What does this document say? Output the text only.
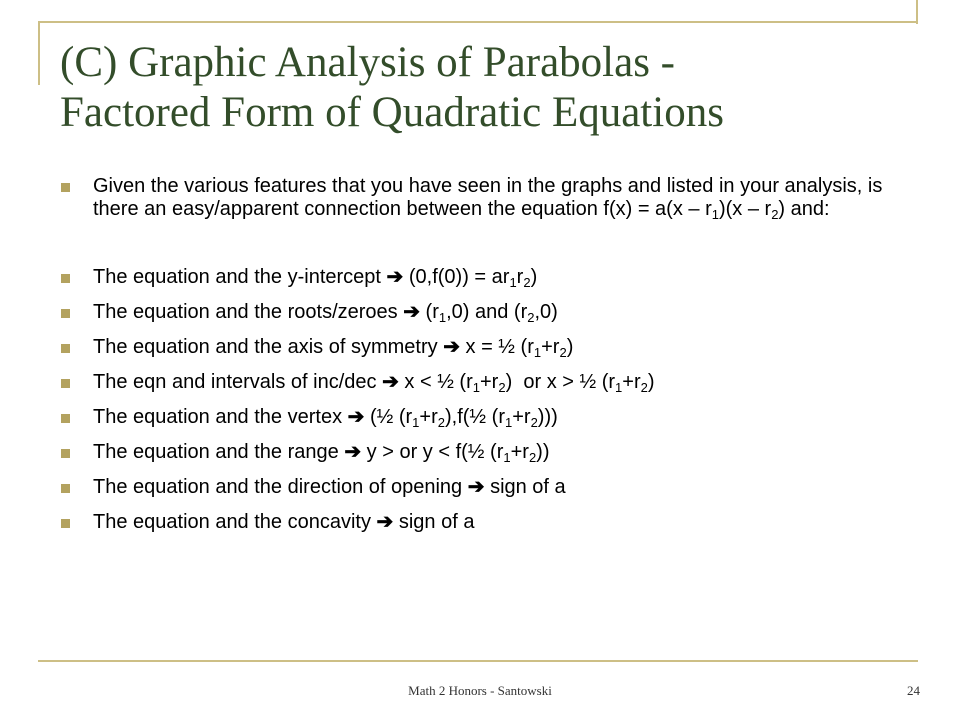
(C) Graphic Analysis of Parabolas -
Factored Form of Quadratic Equations
Given the various features that you have seen in the graphs and listed in your analysis, is there an easy/apparent connection between the equation $f(x) = a(x - r_1)(x - r_2)$ and:
The equation and the y-intercept ➔ $(0,f(0)) = ar_1r_2$)
The equation and the roots/zeroes ➔ $(r_1,0)$ and $(r_2,0)$
The equation and the axis of symmetry ➔ x = ½ $(r_1+r_2)$
The eqn and intervals of inc/dec ➔ x < ½ $(r_1+r_2)$  or x > ½ $(r_1+r_2)$
The equation and the vertex ➔ (½ $(r_1+r_2),f(\frac{1}{2}$ $(r_1+r_2)$))
The equation and the range ➔ y > or y < f(½ $(r_1+r_2)$)
The equation and the direction of opening ➔ sign of a
The equation and the concavity ➔ sign of a
Math 2 Honors - Santowski	24
